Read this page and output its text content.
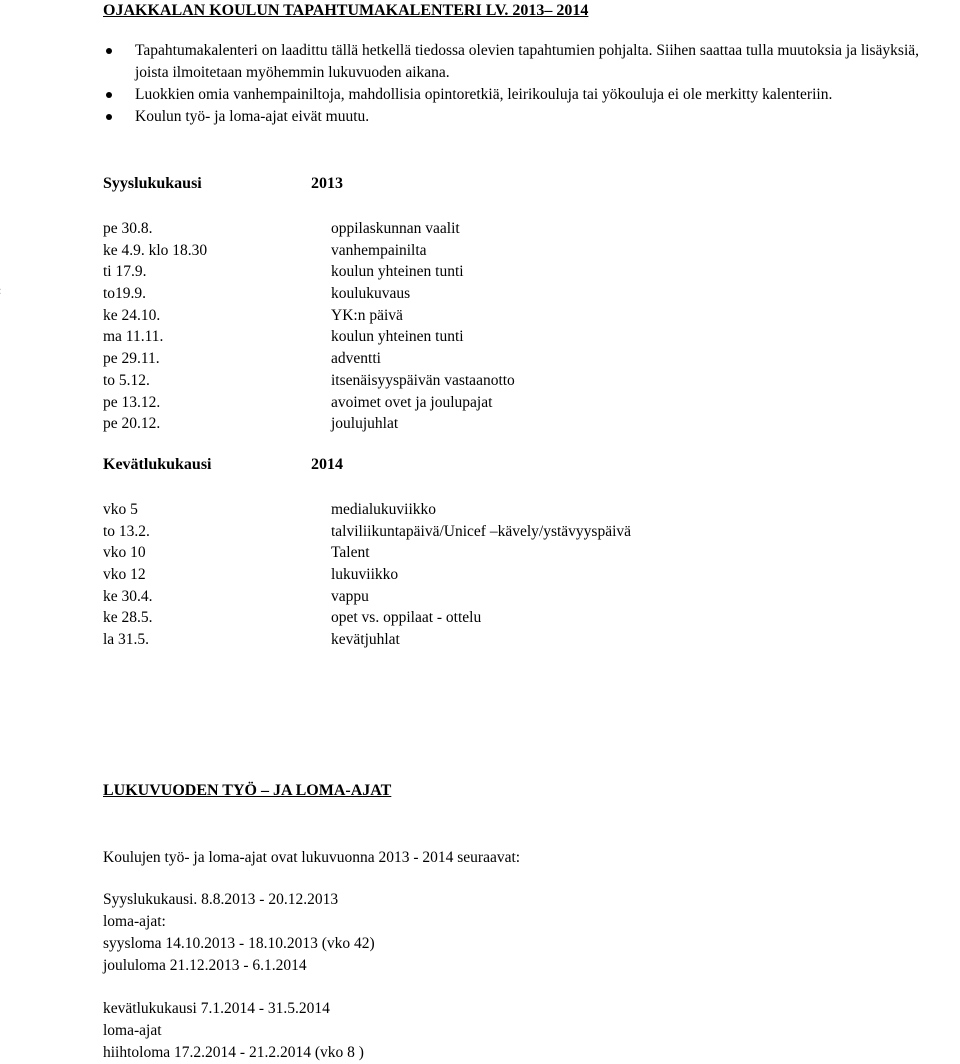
OJAKKALAN KOULUN TAPAHTUMAKALENTERI LV. 2013– 2014
Tapahtumakalenteri on laadittu tällä hetkellä tiedossa olevien tapahtumien pohjalta. Siihen saattaa tulla muutoksia ja lisäyksiä, joista ilmoitetaan myöhemmin lukuvuoden aikana.
Luokkien omia vanhempainiltoja, mahdollisia opintoretkiä, leirikouluja tai yökouluja ei ole merkitty kalenteriin.
Koulun työ- ja loma-ajat eivät muutu.
Syyslukukausi	2013
pe 30.8.	oppilaskunnan vaalit
ke 4.9. klo 18.30	vanhempainilta
ti 17.9.	koulun yhteinen tunti
to19.9.	koulukuvaus
ke 24.10.	YK:n päivä
ma 11.11.	koulun yhteinen tunti
pe 29.11.	adventti
to 5.12.	itsenäisyyspäivän vastaanotto
pe 13.12.	avoimet ovet ja joulupajat
pe 20.12.	joulujuhlat
Kevätlukukausi	2014
vko 5	medialukuviikko
to 13.2.	talviliikuntapäivä/Unicef –kävely/ystävyyspäivä
vko 10	Talent
vko 12	lukuviikko
ke 30.4.	vappu
ke 28.5.	opet vs. oppilaat - ottelu
la 31.5.	kevätjuhlat
LUKUVUODEN TYÖ – JA LOMA-AJAT
Koulujen työ- ja loma-ajat ovat lukuvuonna 2013 - 2014 seuraavat:
Syyslukukausi. 8.8.2013 - 20.12.2013
loma-ajat:
syysloma 14.10.2013 - 18.10.2013 (vko 42)
joululoma 21.12.2013 - 6.1.2014
kevätlukukausi 7.1.2014 - 31.5.2014
loma-ajat
hiihtoloma 17.2.2014 - 21.2.2014 (vko 8 )
